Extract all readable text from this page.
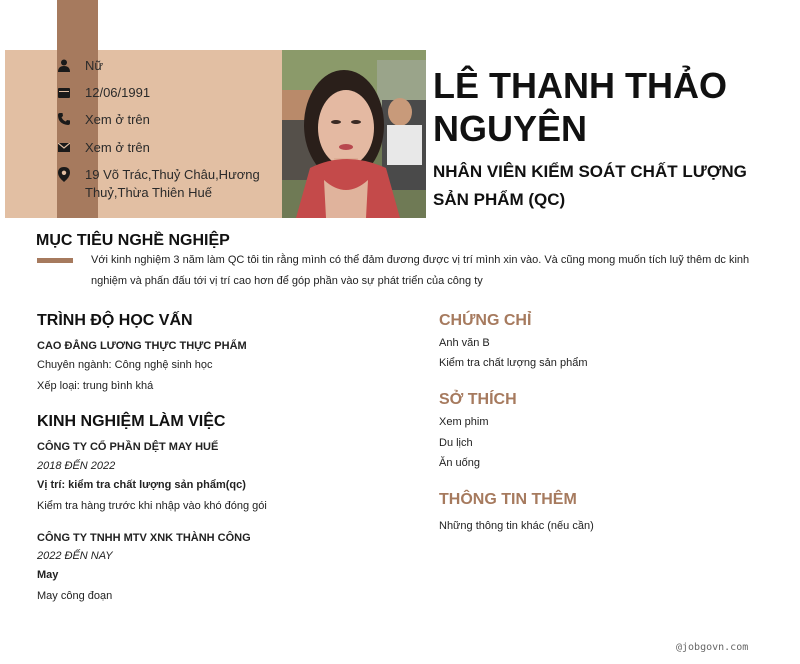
Nữ
12/06/1991
Xem ở trên
Xem ở trên
19 Võ Trác,Thuỷ Châu,Hương Thuỷ,Thừa Thiên Huế
LÊ THANH THẢO NGUYÊN
NHÂN VIÊN KIỂM SOÁT CHẤT LƯỢNG SẢN PHẨM (QC)
MỤC TIÊU NGHỀ NGHIỆP
Với kinh nghiệm 3 năm làm QC tôi tin rằng mình có thể đảm đương được vị trí mình xin vào. Và cũng mong muốn tích luỹ thêm dc kinh nghiệm và phấn đấu tới vị trí cao hơn để góp phần vào sự phát triển của công ty
TRÌNH ĐỘ HỌC VẤN
CAO ĐẲNG LƯƠNG THỰC THỰC PHẨM
Chuyên ngành: Công nghệ sinh học
Xếp loại: trung bình khá
KINH NGHIỆM LÀM VIỆC
CÔNG TY CỔ PHẦN DỆT MAY HUẾ
2018 ĐẾN 2022
Vị trí: kiểm tra chất lượng sản phẩm(qc)
Kiểm tra hàng trước khi nhập vào khó đóng gói
CÔNG TY TNHH MTV XNK THÀNH CÔNG
2022 ĐẾN NAY
May
May công đoạn
CHỨNG CHỈ
Anh văn B
Kiểm tra chất lượng sản phẩm
SỞ THÍCH
Xem phim
Du lịch
Ăn uống
THÔNG TIN THÊM
Những thông tin khác (nếu cần)
@jobgovn.com
